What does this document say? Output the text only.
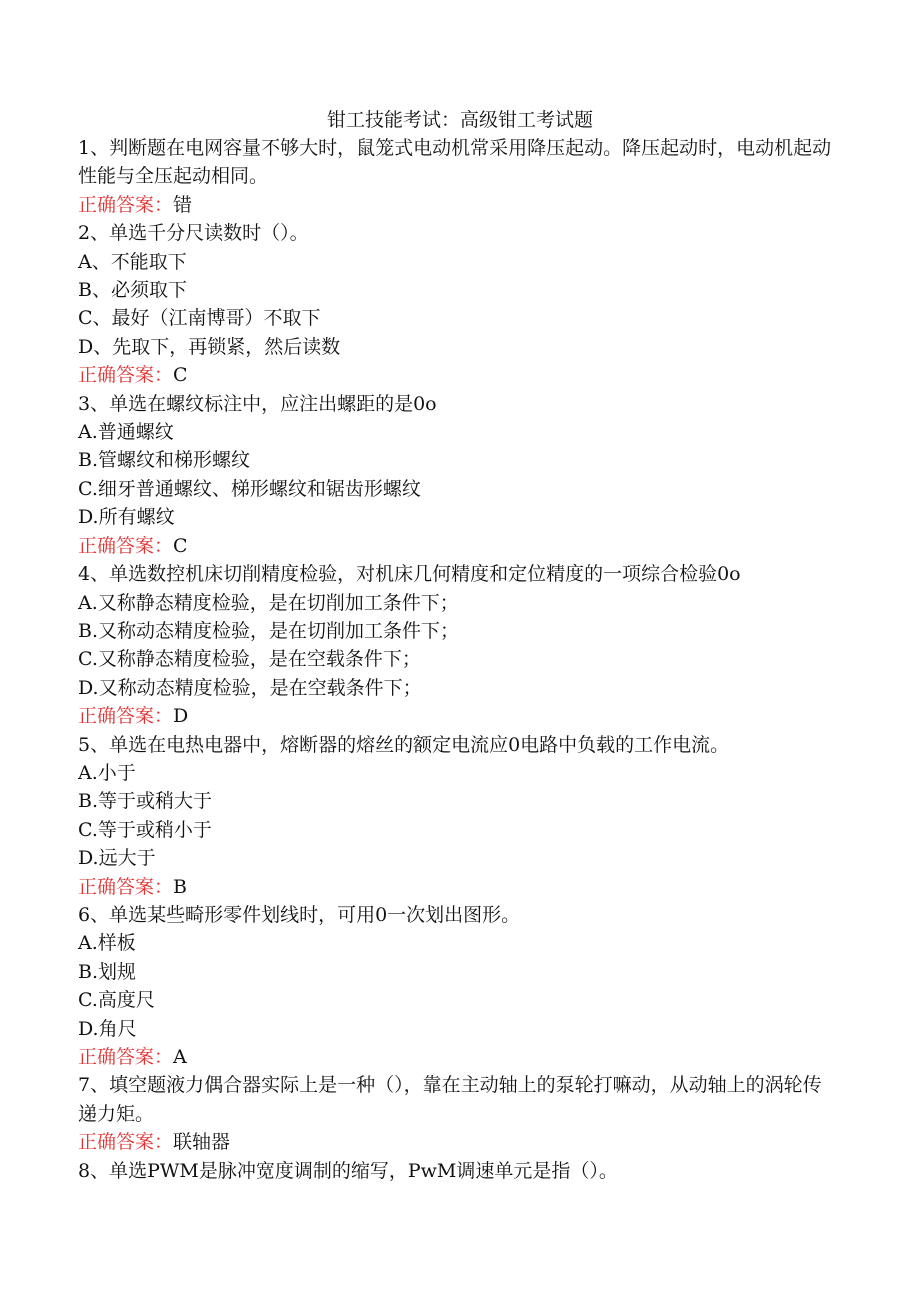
钳工技能考试：高级钳工考试题
1、判断题在电网容量不够大时，鼠笼式电动机常采用降压起动。降压起动时，电动机起动性能与全压起动相同。
正确答案：错
2、单选千分尺读数时（）。
A、不能取下
B、必须取下
C、最好（江南博哥）不取下
D、先取下，再锁紧，然后读数
正确答案：C
3、单选在螺纹标注中，应注出螺距的是0o
A.普通螺纹
B.管螺纹和梯形螺纹
C.细牙普通螺纹、梯形螺纹和锯齿形螺纹
D.所有螺纹
正确答案：C
4、单选数控机床切削精度检验，对机床几何精度和定位精度的一项综合检验0o
A.又称静态精度检验，是在切削加工条件下；
B.又称动态精度检验，是在切削加工条件下；
C.又称静态精度检验，是在空载条件下；
D.又称动态精度检验，是在空载条件下；
正确答案：D
5、单选在电热电器中，熔断器的熔丝的额定电流应0电路中负载的工作电流。
A.小于
B.等于或稍大于
C.等于或稍小于
D.远大于
正确答案：B
6、单选某些畸形零件划线时，可用0一次划出图形。
A.样板
B.划规
C.高度尺
D.角尺
正确答案：A
7、填空题液力偶合器实际上是一种（），靠在主动轴上的泵轮打嘛动，从动轴上的涡轮传递力矩。
正确答案：联轴器
8、单选PWM是脉冲宽度调制的缩写，PwM调速单元是指（）。
